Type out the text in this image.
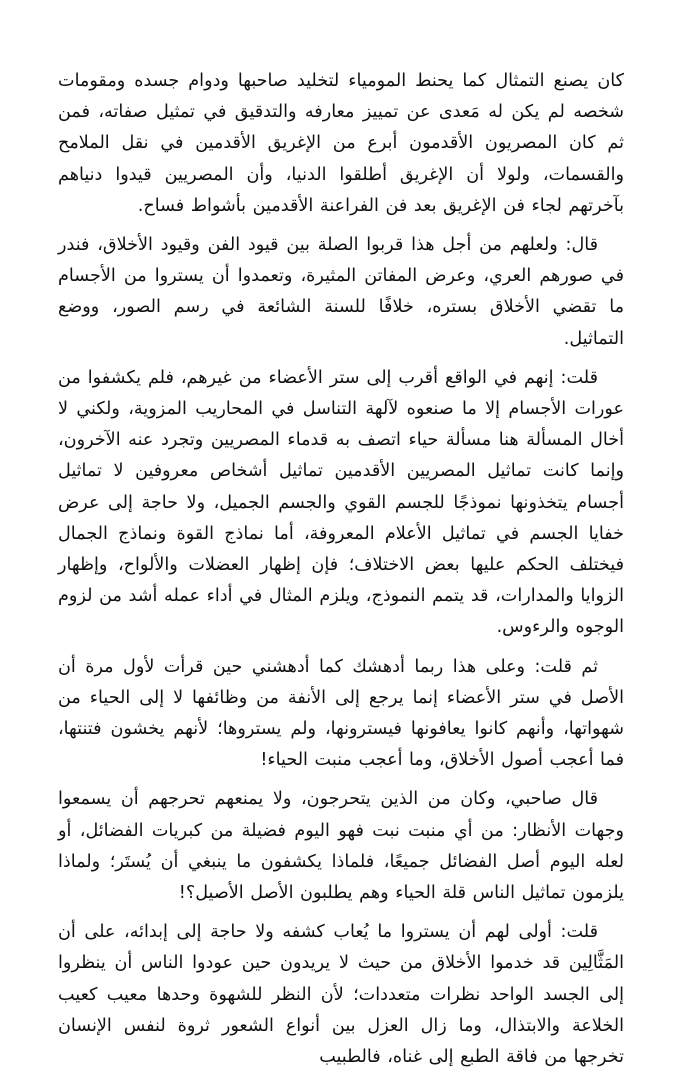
كان يصنع التمثال كما يحنط المومياء لتخليد صاحبها ودوام جسده ومقومات شخصه لم يكن له مَعدى عن تمييز معارفه والتدقيق في تمثيل صفاته، فمن ثم كان المصريون الأقدمون أبرع من الإغريق الأقدمين في نقل الملامح والقسمات، ولولا أن الإغريق أطلقوا الدنيا، وأن المصريين قيدوا دنياهم بآخرتهم لجاء فن الإغريق بعد فن الفراعنة الأقدمين بأشواط فساح.

قال: ولعلهم من أجل هذا قربوا الصلة بين قيود الفن وقيود الأخلاق، فندر في صورهم العري، وعرض المفاتن المثيرة، وتعمدوا أن يستروا من الأجسام ما تقضي الأخلاق بستره، خلافًا للسنة الشائعة في رسم الصور، ووضع التماثيل.

قلت: إنهم في الواقع أقرب إلى ستر الأعضاء من غيرهم، فلم يكشفوا من عورات الأجسام إلا ما صنعوه لآلهة التناسل في المحاريب المزوية، ولكني لا أخال المسألة هنا مسألة حياء اتصف به قدماء المصريين وتجرد عنه الآخرون، وإنما كانت تماثيل المصريين الأقدمين تماثيل أشخاص معروفين لا تماثيل أجسام يتخذونها نموذجًا للجسم القوي والجسم الجميل، ولا حاجة إلى عرض خفايا الجسم في تماثيل الأعلام المعروفة، أما نماذج القوة ونماذج الجمال فيختلف الحكم عليها بعض الاختلاف؛ فإن إظهار العضلات والألواح، وإظهار الزوايا والمدارات، قد يتمم النموذج، ويلزم المثال في أداء عمله أشد من لزوم الوجوه والرءوس.

ثم قلت: وعلى هذا ربما أدهشك كما أدهشني حين قرأت لأول مرة أن الأصل في ستر الأعضاء إنما يرجع إلى الأنفة من وظائفها لا إلى الحياء من شهواتها، وأنهم كانوا يعافونها فيسترونها، ولم يستروها؛ لأنهم يخشون فتنتها، فما أعجب أصول الأخلاق، وما أعجب منبت الحياء!

قال صاحبي، وكان من الذين يتحرجون، ولا يمنعهم تحرجهم أن يسمعوا وجهات الأنظار: من أي منبت نبت فهو اليوم فضيلة من كبريات الفضائل، أو لعله اليوم أصل الفضائل جميعًا، فلماذا يكشفون ما ينبغي أن يُستَر؛ ولماذا يلزمون تماثيل الناس قلة الحياء وهم يطلبون الأصل الأصيل؟!

قلت: أولى لهم أن يستروا ما يُعاب كشفه ولا حاجة إلى إبدائه، على أن المَثَّالِين قد خدموا الأخلاق من حيث لا يريدون حين عودوا الناس أن ينظروا إلى الجسد الواحد نظرات متعددات؛ لأن النظر للشهوة وحدها معيب كعيب الخلاعة والابتذال، وما زال العزل بين أنواع الشعور ثروة لنفس الإنسان تخرجها من فاقة الطبع إلى غناه، فالطبيب
